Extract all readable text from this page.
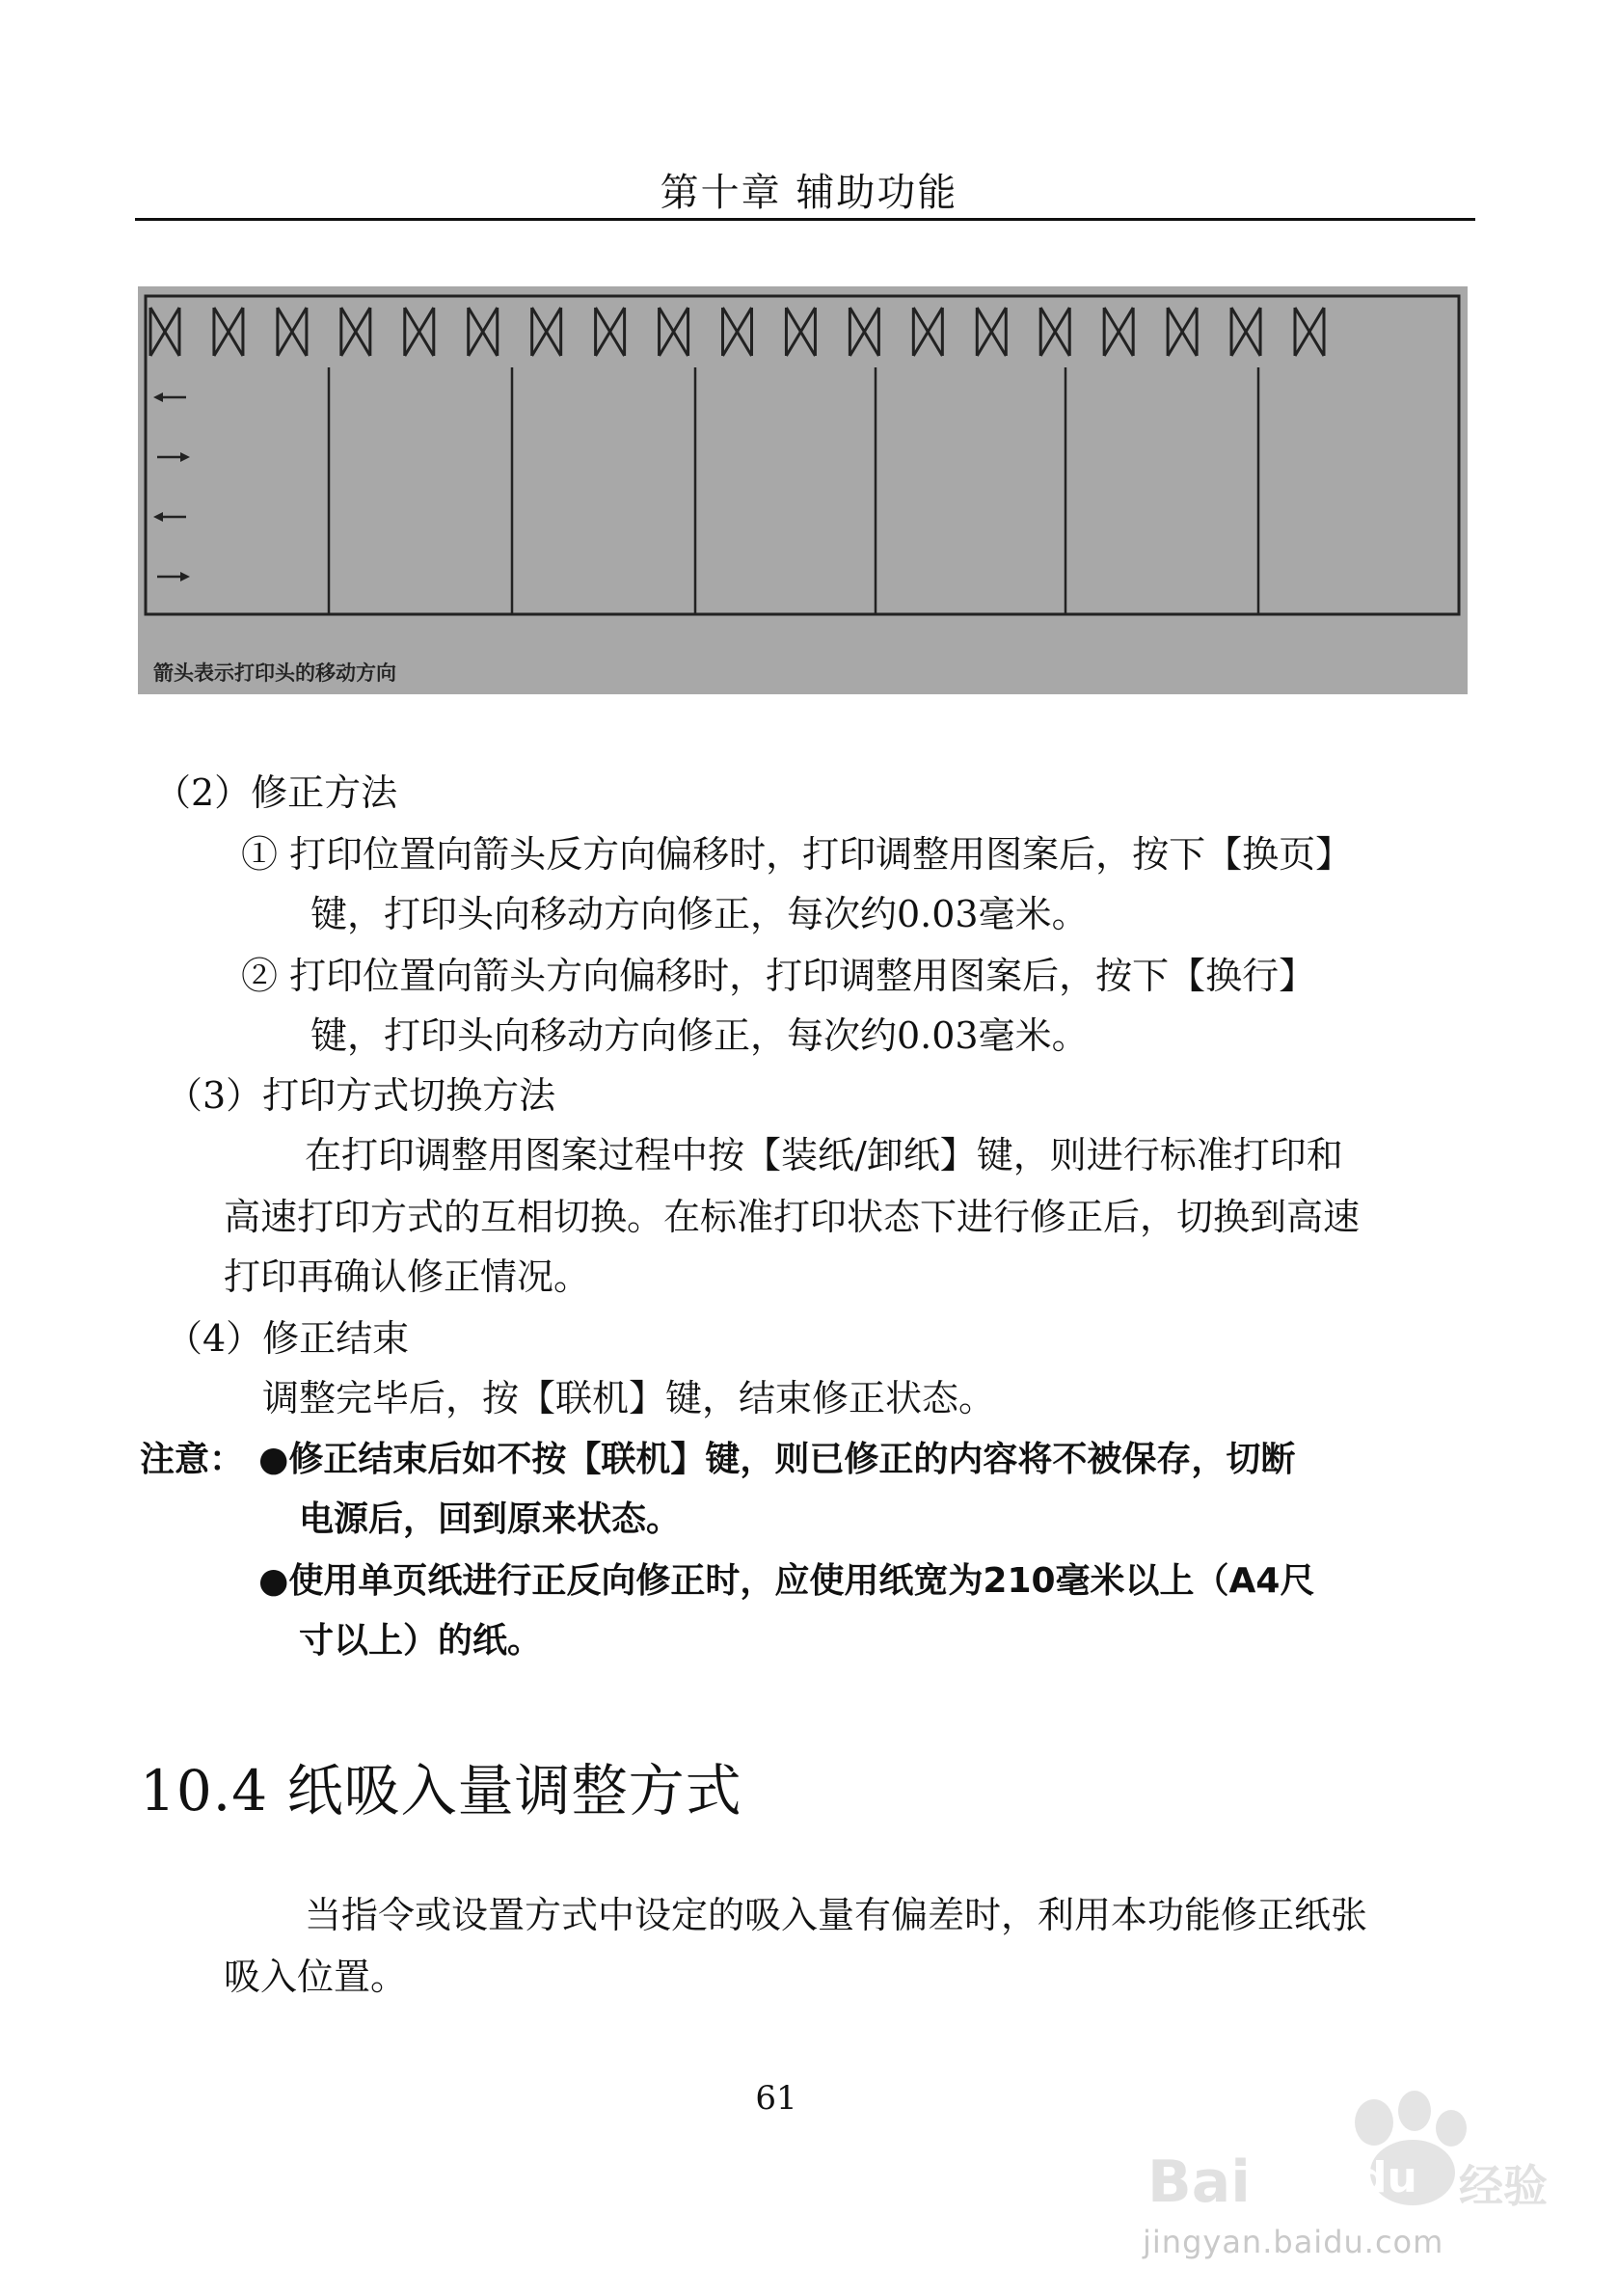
第十章 辅助功能
箭头表示打印头的移动方向
（2）修正方法
① 打印位置向箭头反方向偏移时，打印调整用图案后，按下【换页】
键，打印头向移动方向修正，每次约0.03毫米。
② 打印位置向箭头方向偏移时，打印调整用图案后，按下【换行】
键，打印头向移动方向修正，每次约0.03毫米。
（3）打印方式切换方法
在打印调整用图案过程中按【装纸/卸纸】键，则进行标准打印和
高速打印方式的互相切换。在标准打印状态下进行修正后，切换到高速
打印再确认修正情况。
（4）修正结束
调整完毕后，按【联机】键，结束修正状态。
注意： ●修正结束后如不按【联机】键，则已修正的内容将不被保存，切断
电源后，回到原来状态。
●使用单页纸进行正反向修正时，应使用纸宽为210毫米以上（A4尺
寸以上）的纸。
10.4 纸吸入量调整方式
当指令或设置方式中设定的吸入量有偏差时，利用本功能修正纸张
吸入位置。
61
Bai	du 经验
jingyan.baidu.com
